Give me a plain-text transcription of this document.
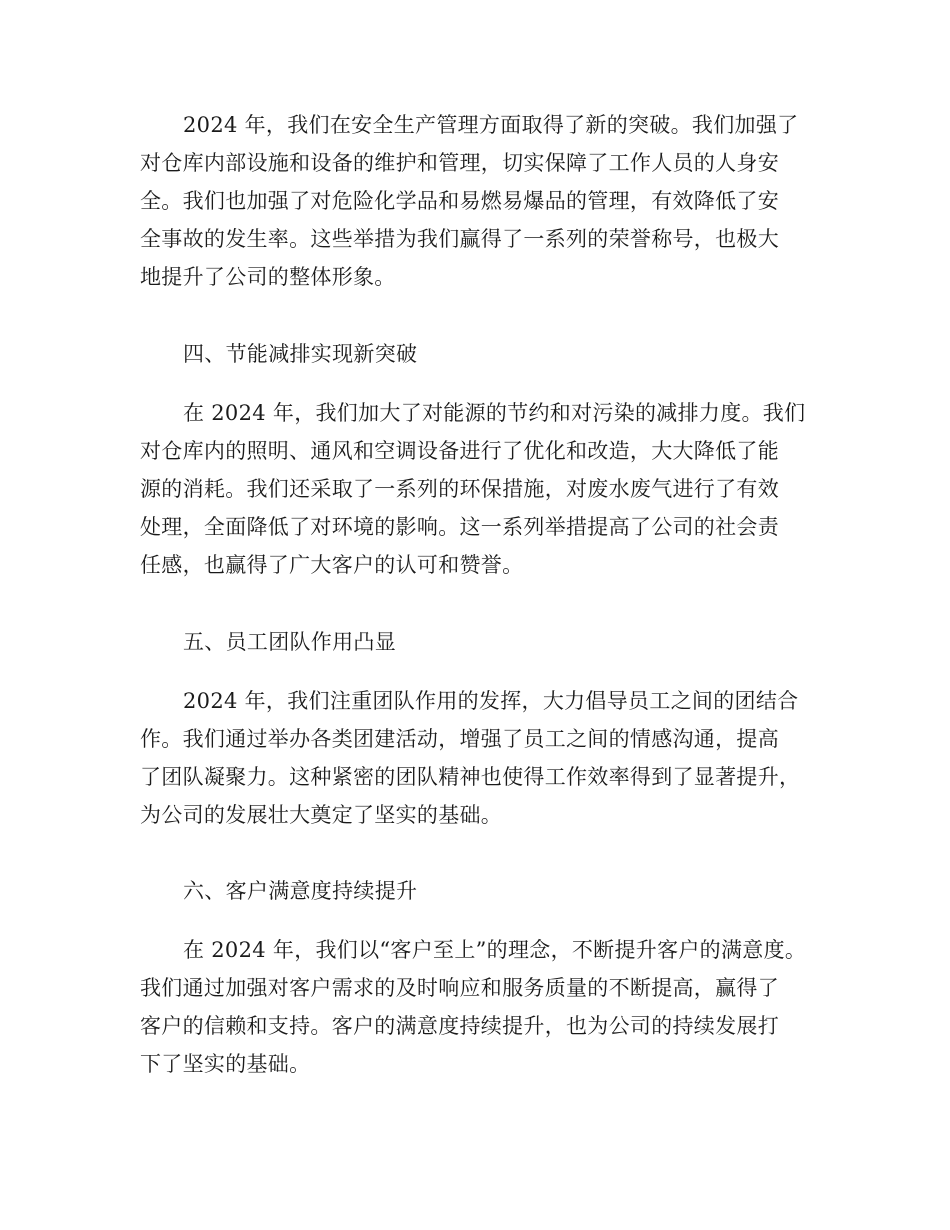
2024 年，我们在安全生产管理方面取得了新的突破。我们加强了
对仓库内部设施和设备的维护和管理，切实保障了工作人员的人身安
全。我们也加强了对危险化学品和易燃易爆品的管理，有效降低了安
全事故的发生率。这些举措为我们赢得了一系列的荣誉称号，也极大
地提升了公司的整体形象。
四、节能减排实现新突破
在 2024 年，我们加大了对能源的节约和对污染的减排力度。我们
对仓库内的照明、通风和空调设备进行了优化和改造，大大降低了能
源的消耗。我们还采取了一系列的环保措施，对废水废气进行了有效
处理，全面降低了对环境的影响。这一系列举措提高了公司的社会责
任感，也赢得了广大客户的认可和赞誉。
五、员工团队作用凸显
2024 年，我们注重团队作用的发挥，大力倡导员工之间的团结合
作。我们通过举办各类团建活动，增强了员工之间的情感沟通，提高
了团队凝聚力。这种紧密的团队精神也使得工作效率得到了显著提升，
为公司的发展壮大奠定了坚实的基础。
六、客户满意度持续提升
在 2024 年，我们以“客户至上”的理念，不断提升客户的满意度。
我们通过加强对客户需求的及时响应和服务质量的不断提高，赢得了
客户的信赖和支持。客户的满意度持续提升，也为公司的持续发展打
下了坚实的基础。
